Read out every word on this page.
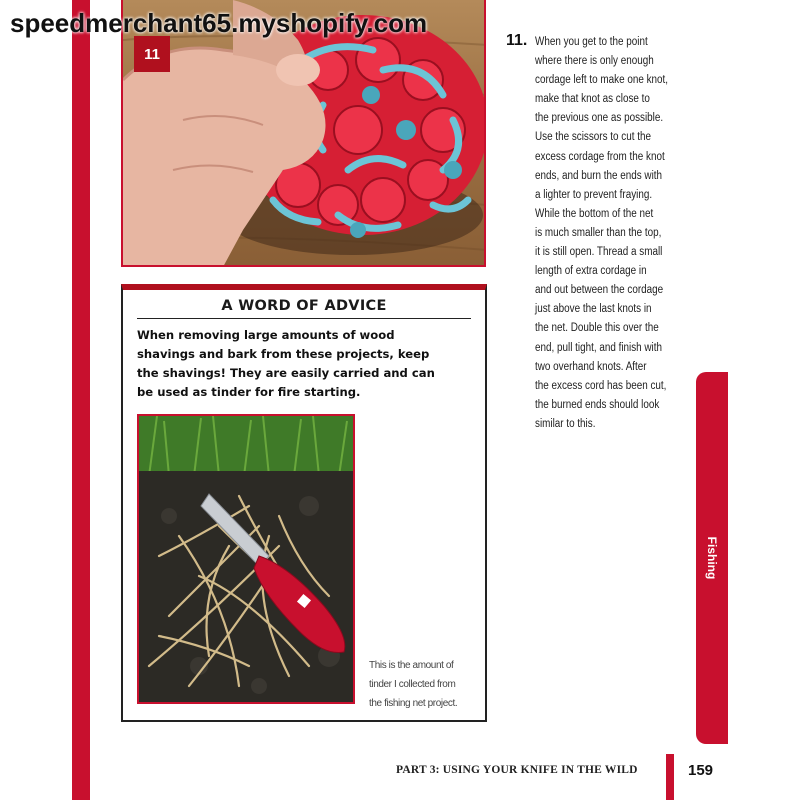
speedmerchant65.myshopify.com
11
A WORD OF ADVICE
When removing large amounts of wood
shavings and bark from these projects, keep
the shavings! They are easily carried and can
be used as tinder for fire starting.
This is the amount of
tinder I collected from
the fishing net project.
11. When you get to the point
where there is only enough
cordage left to make one knot,
make that knot as close to
the previous one as possible.
Use the scissors to cut the
excess cordage from the knot
ends, and burn the ends with
a lighter to prevent fraying.
While the bottom of the net
is much smaller than the top,
it is still open. Thread a small
length of extra cordage in
and out between the cordage
just above the last knots in
the net. Double this over the
end, pull tight, and finish with
two overhand knots. After
the excess cord has been cut,
the burned ends should look
similar to this.
Fishing
PART 3: USING YOUR KNIFE IN THE WILD	159
